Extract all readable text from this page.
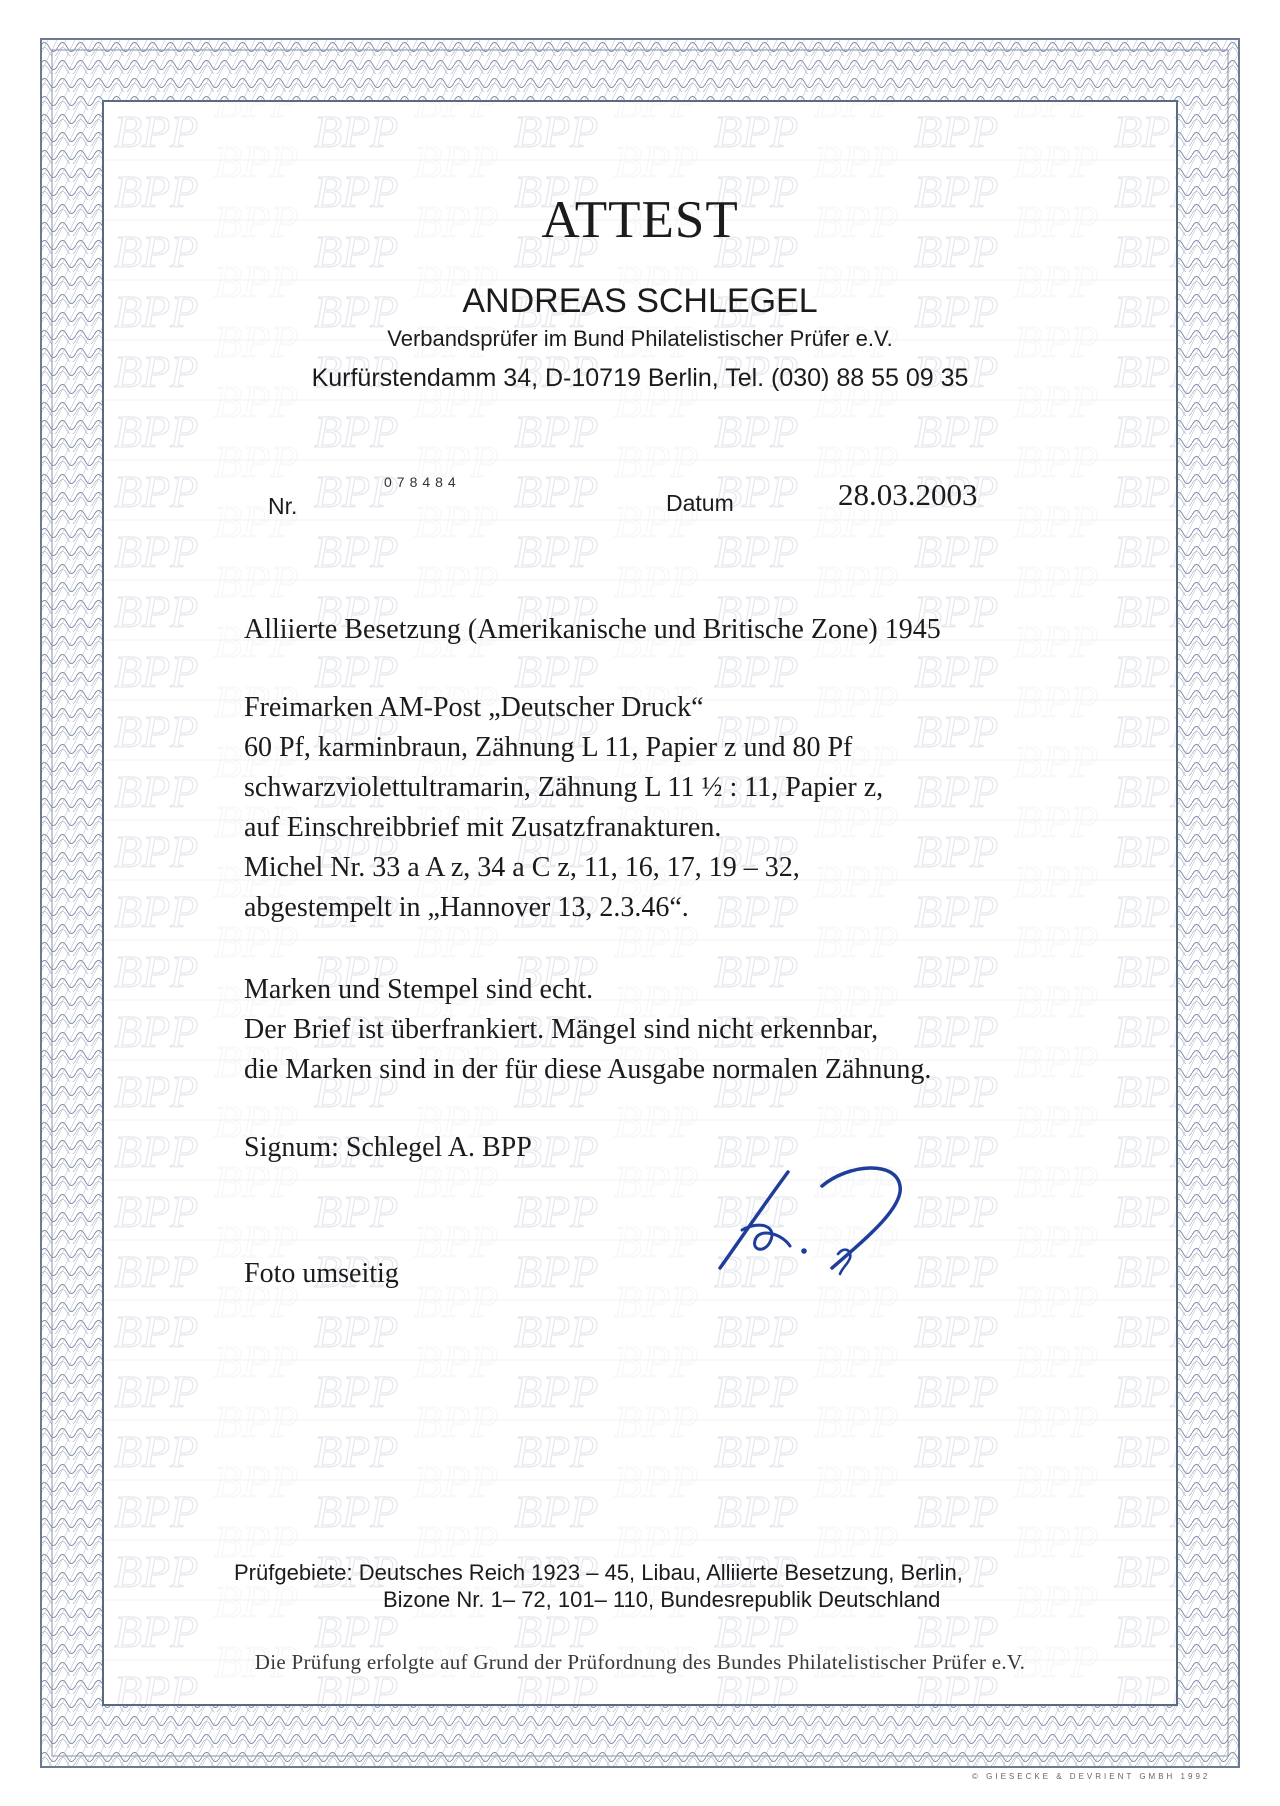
ATTEST
ANDREAS SCHLEGEL
Verbandsprüfer im Bund Philatelistischer Prüfer e.V.
Kurfürstendamm 34, D-10719 Berlin, Tel. (030) 88 55 09 35
Nr.
078484
Datum	28.03.2003
Alliierte Besetzung (Amerikanische und Britische Zone) 1945
Freimarken AM-Post „Deutscher Druck“
60 Pf, karminbraun, Zähnung L 11, Papier z und 80 Pf
schwarzviolettultramarin, Zähnung L 11 ½ : 11, Papier z,
auf Einschreibbrief mit Zusatzfranakturen.
Michel Nr. 33 a A z, 34 a C z, 11, 16, 17, 19 – 32,
abgestempelt in „Hannover 13, 2.3.46“.
Marken und Stempel sind echt.
Der Brief ist überfrankiert. Mängel sind nicht erkennbar,
die Marken sind in der für diese Ausgabe normalen Zähnung.
Signum: Schlegel A. BPP
Foto umseitig
Prüfgebiete: Deutsches Reich 1923 – 45, Libau, Alliierte Besetzung, Berlin,
Bizone Nr. 1– 72, 101– 110, Bundesrepublik Deutschland
Die Prüfung erfolgte auf Grund der Prüfordnung des Bundes Philatelistischer Prüfer e.V.
© GIESECKE & DEVRIENT GMBH 1992
